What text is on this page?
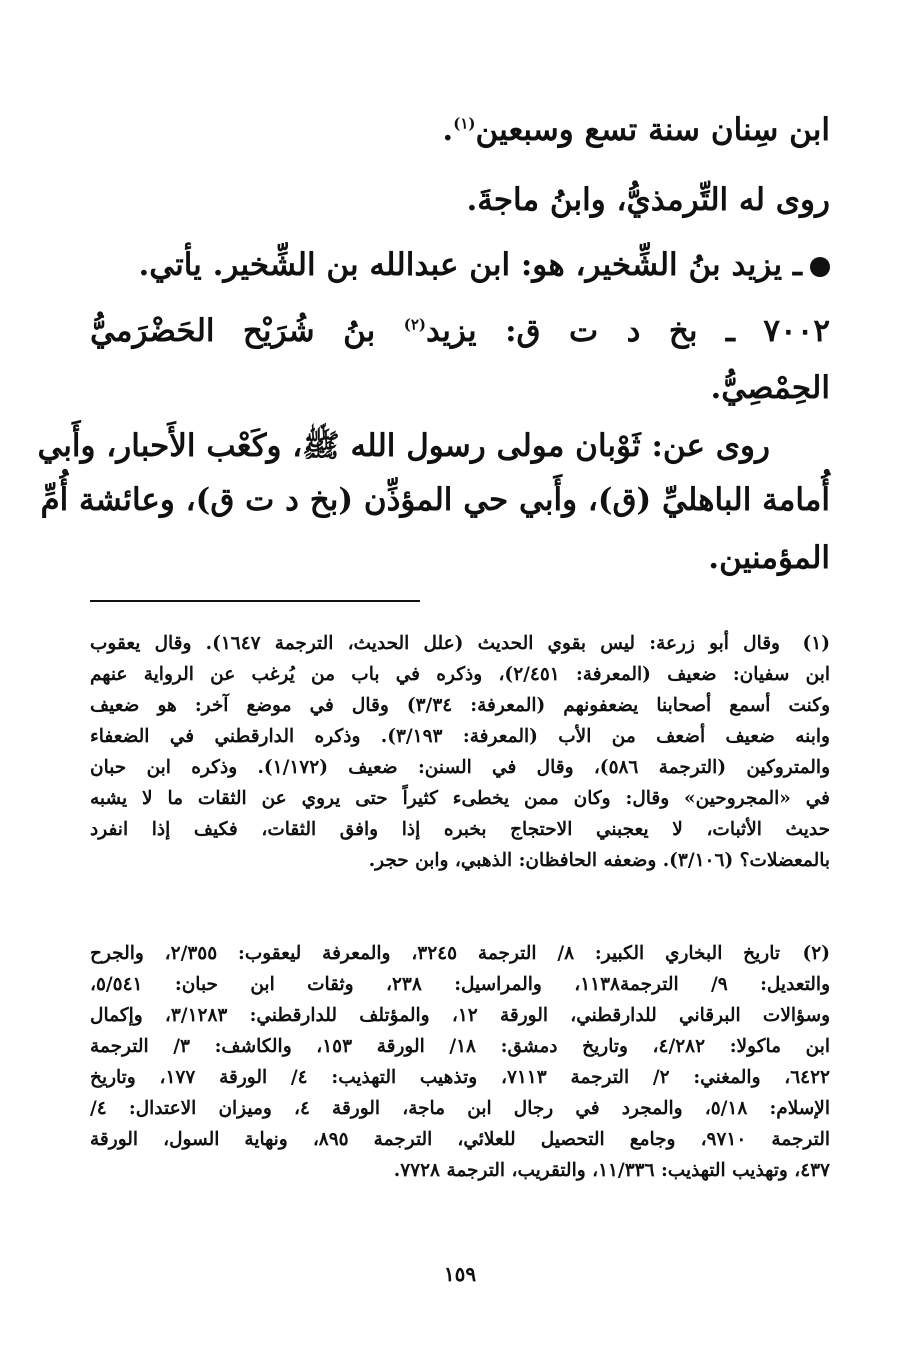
ابن سِنان سنة تسع وسبعين$^{(١)}$.
روى له التِّرمذيُّ، وابنُ ماجةَ.
ـ يزيد بنُ الشِّخير، هو: ابن عبدالله بن الشِّخير. يأتي.
٧٠٠٢ ـ بخ د ت ق: يزيد$^{(٢)}$ بنُ شُرَيْح الحَضْرَميُّ
الحِمْصِيُّ.
روى عن: ثَوْبان مولى رسول الله ﷺ، وكَعْب الأَحبار، وأَبي
أُمامة الباهليِّ (ق)، وأَبي حي المؤذِّن (بخ د ت ق)، وعائشة أُمِّ
المؤمنين.
(١)
وقال أبو زرعة: ليس بقوي الحديث (علل الحديث، الترجمة ١٦٤٧). وقال يعقوب
ابن سفيان: ضعيف (المعرفة: ٢/٤٥١)، وذكره في باب من يُرغب عن الرواية عنهم
وكنت أسمع أصحابنا يضعفونهم (المعرفة: ٣/٣٤) وقال في موضع آخر: هو ضعيف
وابنه ضعيف أضعف من الأب (المعرفة: ٣/١٩٣). وذكره الدارقطني في الضعفاء
والمتروكين (الترجمة ٥٨٦)، وقال في السنن: ضعيف (١/١٧٢). وذكره ابن حبان
في «المجروحين» وقال: وكان ممن يخطىء كثيراً حتى يروي عن الثقات ما لا يشبه
حديث الأثبات، لا يعجبني الاحتجاج بخبره إذا وافق الثقات، فكيف إذا انفرد
بالمعضلات؟ (٣/١٠٦). وضعفه الحافظان: الذهبي، وابن حجر.
(٢)
تاريخ البخاري الكبير: ٨/ الترجمة ٣٢٤٥، والمعرفة ليعقوب: ٢/٣٥٥، والجرح
والتعديل: ٩/ الترجمة١١٣٨، والمراسيل: ٢٣٨، وثقات ابن حبان: ٥/٥٤١،
وسؤالات البرقاني للدارقطني، الورقة ١٢، والمؤتلف للدارقطني: ٣/١٢٨٣، وإكمال
ابن ماكولا: ٤/٢٨٢، وتاريخ دمشق: ١٨/ الورقة ١٥٣، والكاشف: ٣/ الترجمة
٦٤٢٢، والمغني: ٢/ الترجمة ٧١١٣، وتذهيب التهذيب: ٤/ الورقة ١٧٧، وتاريخ
الإسلام: ٥/١٨، والمجرد في رجال ابن ماجة، الورقة ٤، وميزان الاعتدال: ٤/
الترجمة ٩٧١٠، وجامع التحصيل للعلائي، الترجمة ٨٩٥، ونهاية السول، الورقة
٤٣٧، وتهذيب التهذيب: ١١/٣٣٦، والتقريب، الترجمة ٧٧٢٨.
١٥٩
